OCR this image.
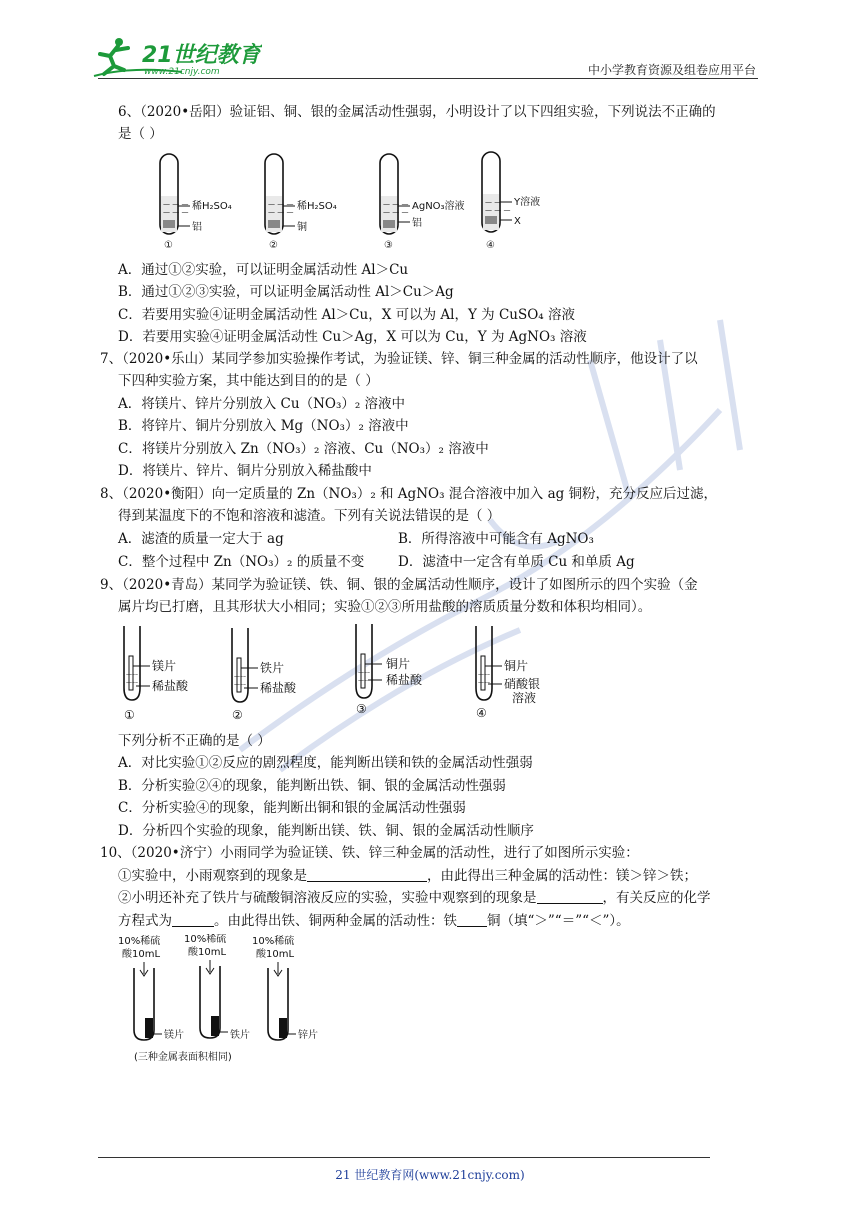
21世纪教育
www.21cnjy.com	中小学教育资源及组卷应用平台
6、（2020•岳阳）验证铝、铜、银的金属活动性强弱，小明设计了以下四组实验，下列说法不正确的
是（ ）
— — —
— — — 稀H₂SO₄
铝
①
— — —
— — — 稀H₂SO₄
铜
②
— — —
— — — AgNO₃溶液
铝
③
— — —
— — —
Y溶液
X
④
A．通过①②实验，可以证明金属活动性 Al＞Cu
B．通过①②③实验，可以证明金属活动性 Al＞Cu＞Ag
C．若要用实验④证明金属活动性 Al＞Cu，X 可以为 Al，Y 为 CuSO₄ 溶液
D．若要用实验④证明金属活动性 Cu＞Ag，X 可以为 Cu，Y 为 AgNO₃ 溶液
7、（2020•乐山）某同学参加实验操作考试，为验证镁、锌、铜三种金属的活动性顺序，他设计了以
下四种实验方案，其中能达到目的的是（ ）
A．将镁片、锌片分别放入 Cu（NO₃）₂ 溶液中
B．将锌片、铜片分别放入 Mg（NO₃）₂ 溶液中
C．将镁片分别放入 Zn（NO₃）₂ 溶液、Cu（NO₃）₂ 溶液中
D．将镁片、锌片、铜片分别放入稀盐酸中
8、（2020•衡阳）向一定质量的 Zn（NO₃）₂ 和 AgNO₃ 混合溶液中加入 ag 铜粉，充分反应后过滤，
得到某温度下的不饱和溶液和滤渣。下列有关说法错误的是（ ）
A．滤渣的质量一定大于 ag	B．所得溶液中可能含有 AgNO₃
C．整个过程中 Zn（NO₃）₂ 的质量不变	D．滤渣中一定含有单质 Cu 和单质 Ag
9、（2020•青岛）某同学为验证镁、铁、铜、银的金属活动性顺序，设计了如图所示的四个实验（金
属片均已打磨，且其形状大小相同；实验①②③所用盐酸的溶质质量分数和体积均相同）。
––––
––––
镁片
稀盐酸
①
––––
––––
铁片
稀盐酸
②
––––
––––
铜片
稀盐酸
③
––––
––––
铜片
硝酸银
溶液
④
下列分析不正确的是（ ）
A．对比实验①②反应的剧烈程度，能判断出镁和铁的金属活动性强弱
B．分析实验②④的现象，能判断出铁、铜、银的金属活动性强弱
C．分析实验④的现象，能判断出铜和银的金属活动性强弱
D．分析四个实验的现象，能判断出镁、铁、铜、银的金属活动性顺序
10、（2020•济宁）小雨同学为验证镁、铁、锌三种金属的活动性，进行了如图所示实验：
①实验中，小雨观察到的现象是	，由此得出三种金属的活动性：镁＞锌＞铁；
②小明还补充了铁片与硫酸铜溶液反应的实验，实验中观察到的现象是	，有关反应的化学
方程式为	。由此得出铁、铜两种金属的活动性：铁 铜（填“＞”“＝”“＜”）。
10%稀硫
酸10mL
镁片
10%稀硫
酸10mL
铁片
10%稀硫
酸10mL
锌片
(三种金属表面积相同)
21 世纪教育网(www.21cnjy.com)
